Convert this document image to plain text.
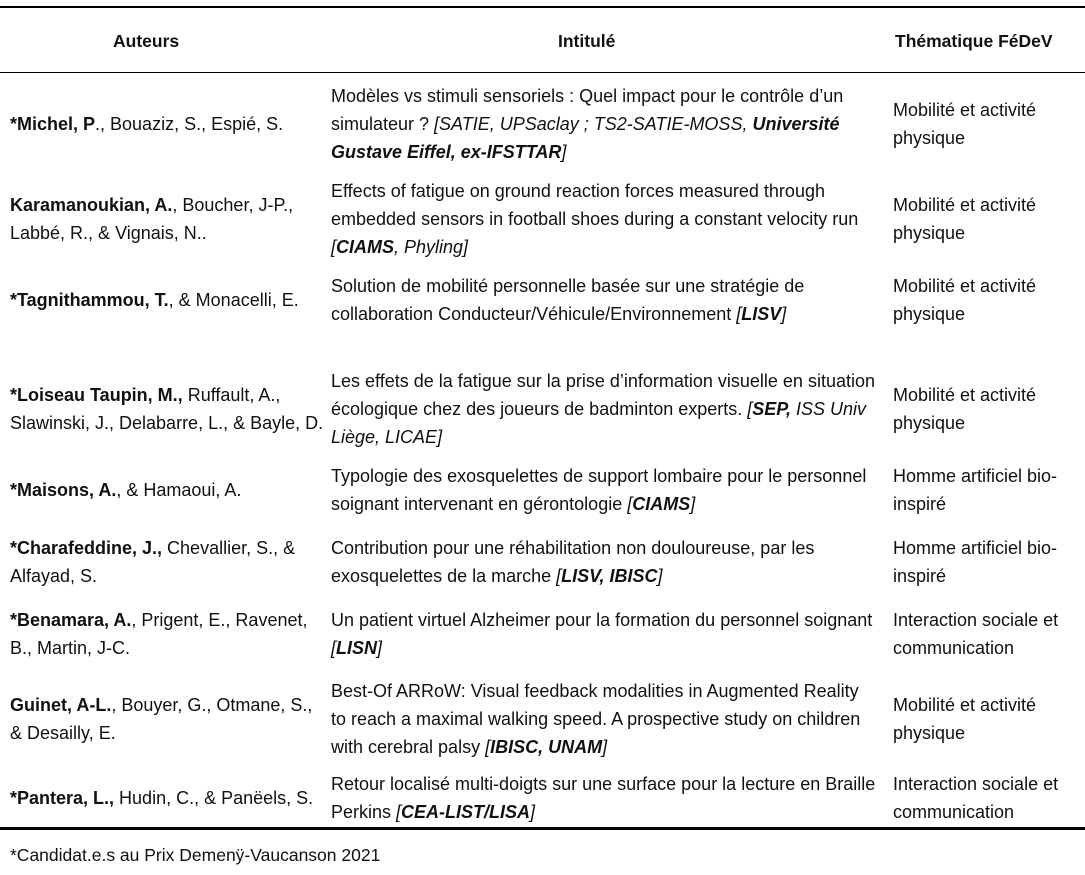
Auteurs	Intitulé	Thématique FéDeV
*Michel, P., Bouaziz, S., Espié, S.
Modèles vs stimuli sensoriels : Quel impact pour le contrôle d’un simulateur ? [SATIE, UPSaclay ; TS2-SATIE-MOSS, Université Gustave Eiffel, ex-IFSTTAR]
Mobilité et activité physique
Karamanoukian, A., Boucher, J-P., Labbé, R., & Vignais, N..
Effects of fatigue on ground reaction forces measured through embedded sensors in football shoes during a constant velocity run [CIAMS, Phyling]
Mobilité et activité physique
*Tagnithammou, T., & Monacelli, E.
Solution de mobilité personnelle basée sur une stratégie de collaboration Conducteur/Véhicule/Environnement [LISV]
Mobilité et activité physique
*Loiseau Taupin, M., Ruffault, A., Slawinski, J., Delabarre, L., & Bayle, D.
Les effets de la fatigue sur la prise d’information visuelle en situation écologique chez des joueurs de badminton experts. [SEP, ISS Univ Liège, LICAE]
Mobilité et activité physique
*Maisons, A., & Hamaoui, A.
Typologie des exosquelettes de support lombaire pour le personnel soignant intervenant en gérontologie [CIAMS]
Homme artificiel bio-inspiré
*Charafeddine, J., Chevallier, S., & Alfayad, S.
Contribution pour une réhabilitation non douloureuse, par les exosquelettes de la marche [LISV, IBISC]
Homme artificiel bio-inspiré
*Benamara, A., Prigent, E., Ravenet, B., Martin, J-C.
Un patient virtuel Alzheimer pour la formation du personnel soignant [LISN]
Interaction sociale et communication
Guinet, A-L., Bouyer, G., Otmane, S., & Desailly, E.
Best-Of ARRoW: Visual feedback modalities in Augmented Reality to reach a maximal walking speed. A prospective study on children with cerebral palsy [IBISC, UNAM]
Mobilité et activité physique
*Pantera, L., Hudin, C., & Panëels, S.
Retour localisé multi-doigts sur une surface pour la lecture en Braille Perkins [CEA-LIST/LISA]
Interaction sociale et communication
*Candidat.e.s au Prix Demenÿ-Vaucanson 2021
